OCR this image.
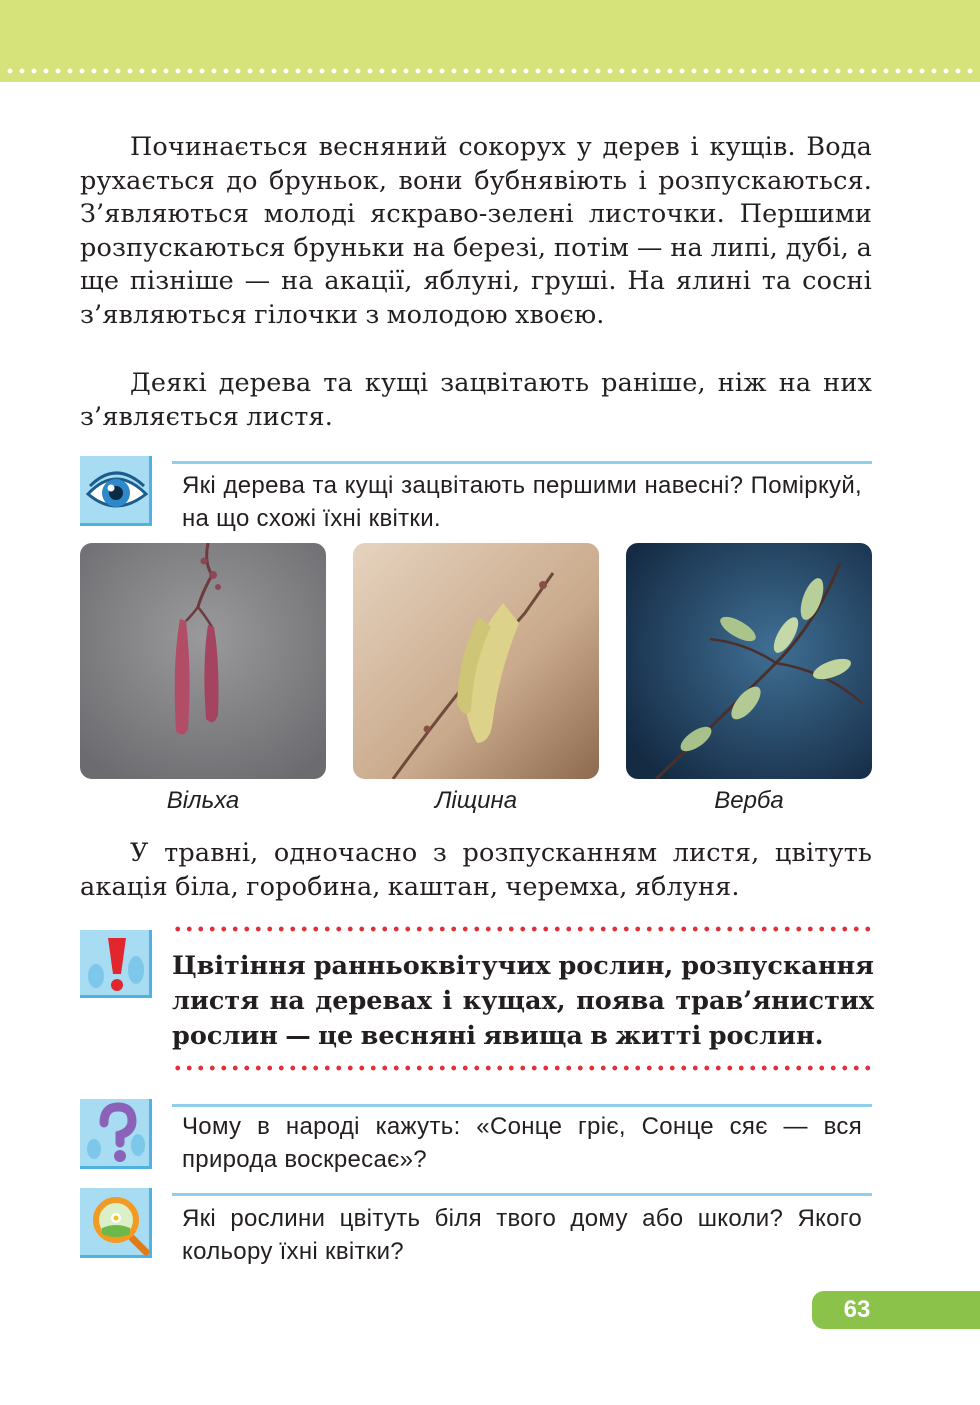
Починається весняний сокорух у дерев і кущів. Вода рухається до бруньок, вони бубнявіють і розпускаються. З’являються молоді яскраво-зелені листочки. Першими розпускаються бруньки на березі, потім — на липі, дубі, а ще пізніше — на акації, яблуні, груші. На ялині та сосні з’являються гілочки з молодою хвоєю.

Деякі дерева та кущі зацвітають раніше, ніж на них з’являється листя.

Які дерева та кущі зацвітають першими навесні? Поміркуй, на що схожі їхні квітки.

Вільха	Ліщина	Верба

У травні, одночасно з розпусканням листя, цвітуть акація біла, горобина, каштан, черемха, яблуня.

Цвітіння ранньоквітучих рослин, розпускання листя на деревах і кущах, поява трав’янистих рослин — це весняні явища в житті рослин.

Чому в народі кажуть: «Сонце гріє, Сонце сяє — вся природа воскресає»?

Які рослини цвітуть біля твого дому або школи? Якого кольору їхні квітки?

63
